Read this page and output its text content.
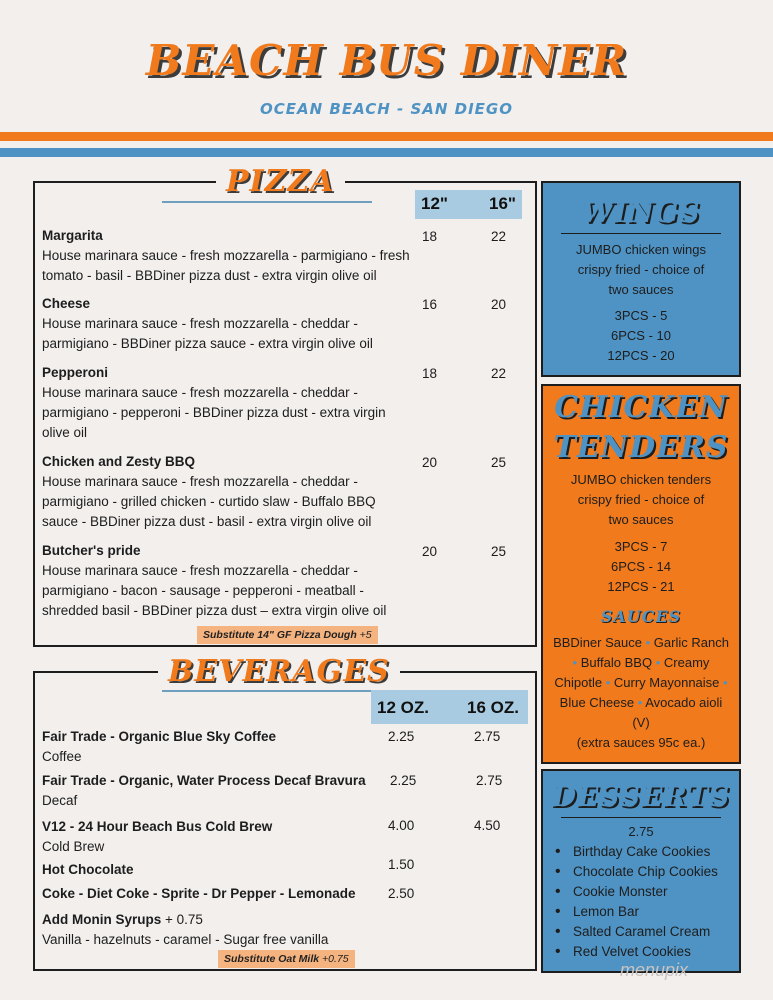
BEACH BUS DINER
OCEAN BEACH - SAN DIEGO
PIZZA
12" 16"
Margarita
House marinara sauce - fresh mozzarella - parmigiano - fresh tomato - basil - BBDiner pizza dust - extra virgin olive oil
18	22
Cheese
House marinara sauce - fresh mozzarella - cheddar - parmigiano - BBDiner pizza sauce - extra virgin olive oil
16	20
Pepperoni
House marinara sauce - fresh mozzarella - cheddar - parmigiano - pepperoni - BBDiner pizza dust - extra virgin olive oil
18	22
Chicken and Zesty BBQ
House marinara sauce - fresh mozzarella - cheddar - parmigiano - grilled chicken - curtido slaw - Buffalo BBQ sauce - BBDiner pizza dust - basil - extra virgin olive oil
20	25
Butcher's pride
House marinara sauce - fresh mozzarella - cheddar - parmigiano - bacon - sausage - pepperoni - meatball - shredded basil - BBDiner pizza dust – extra virgin olive oil
20	25
Substitute 14" GF Pizza Dough +5
BEVERAGES
12 OZ. 16 OZ.
Fair Trade - Organic Blue Sky Coffee
Coffee
2.25	2.75
Fair Trade - Organic, Water Process Decaf Bravura
Decaf
2.25	2.75
V12 - 24 Hour Beach Bus Cold Brew
Cold Brew
4.00	4.50
Hot Chocolate	1.50
Coke - Diet Coke - Sprite - Dr Pepper - Lemonade	2.50
Add Monin Syrups + 0.75
Vanilla - hazelnuts - caramel - Sugar free vanilla
Substitute Oat Milk +0.75
WINGS
JUMBO chicken wings
crispy fried - choice of
two sauces
3PCS - 5
6PCS - 10
12PCS - 20
CHICKEN
TENDERS
JUMBO chicken tenders
crispy fried - choice of
two sauces
3PCS - 7
6PCS - 14
12PCS - 21
SAUCES
BBDiner Sauce • Garlic Ranch • Buffalo BBQ • Creamy Chipotle • Curry Mayonnaise • Blue Cheese • Avocado aioli (V)
(extra sauces 95c ea.)
DESSERTS
2.75
• Birthday Cake Cookies
• Chocolate Chip Cookies
• Cookie Monster
• Lemon Bar
• Salted Caramel Cream
• Red Velvet Cookies
menupix
